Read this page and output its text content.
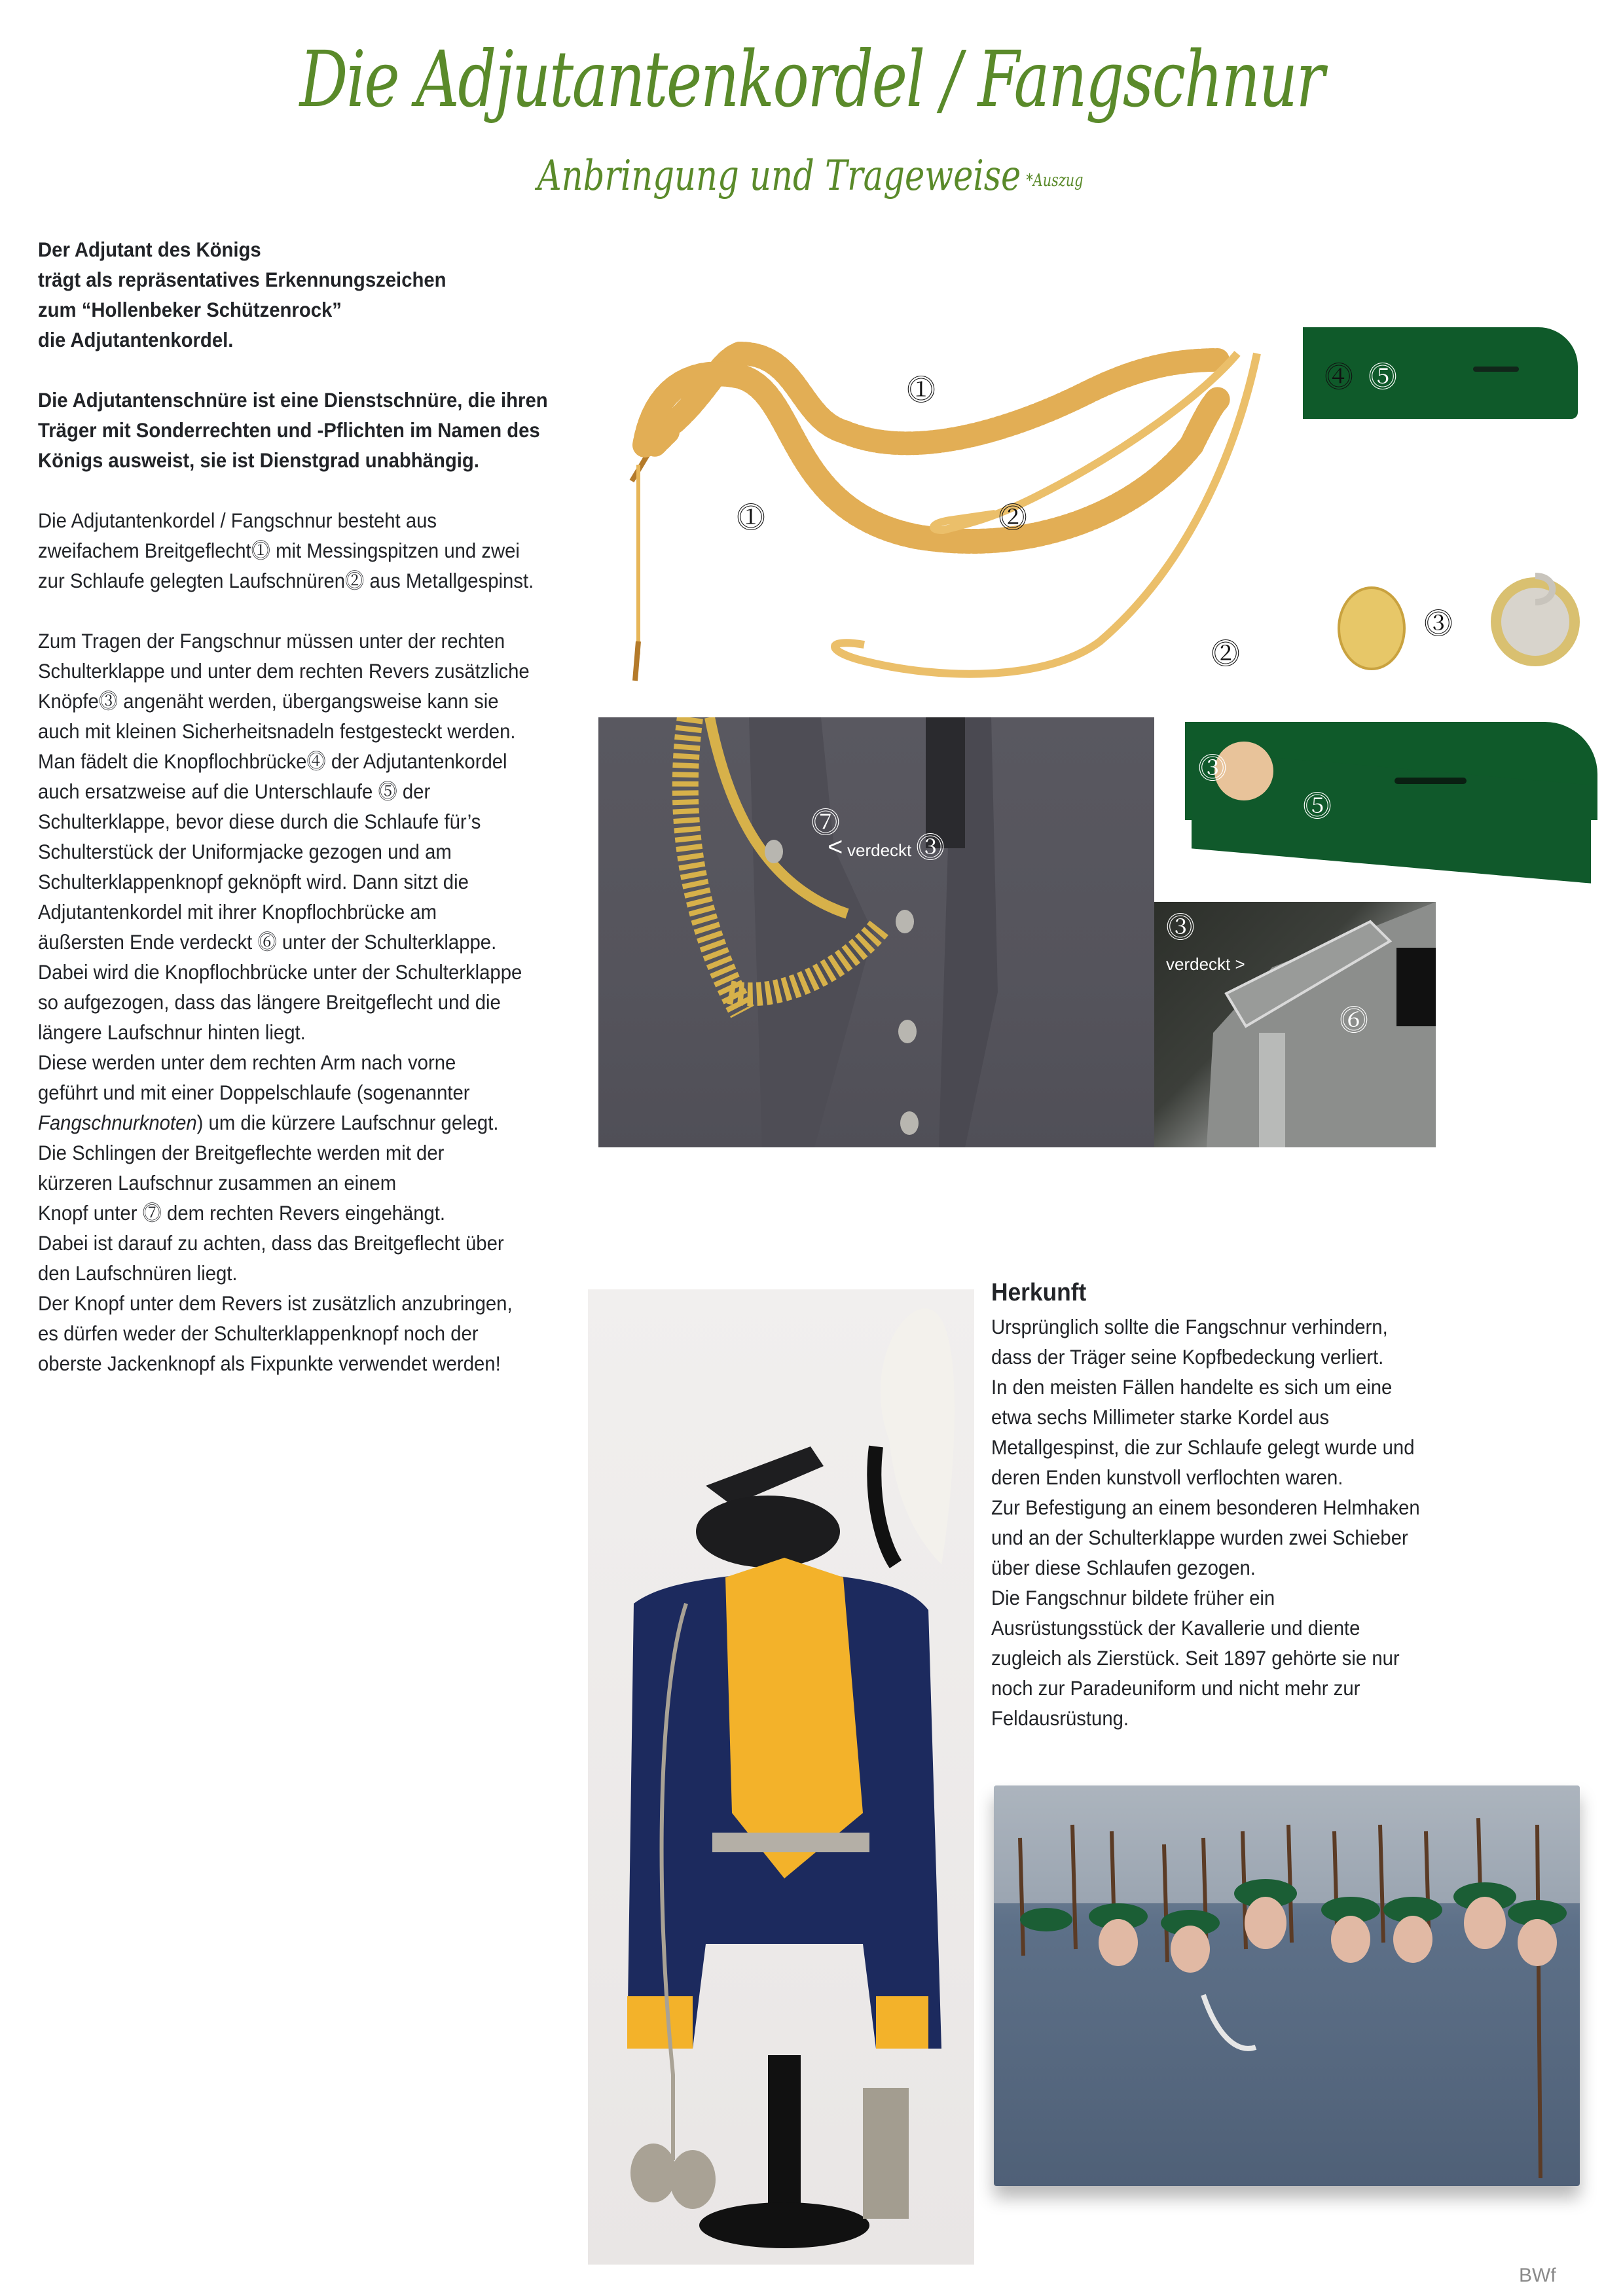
Die Adjutantenkordel / Fangschnur
Anbringung und Trageweise *Auszug

Der Adjutant des Königs
trägt als repräsentatives Erkennungszeichen
zum “Hollenbeker Schützenrock”
die Adjutantenkordel.

Die Adjutantenschnüre ist eine Dienstschnüre, die ihren
Träger mit Sonderrechten und -Pflichten im Namen des
Königs ausweist, sie ist Dienstgrad unabhängig.

Die Adjutantenkordel / Fangschnur besteht aus
zweifachem Breitgeflecht⓵ mit Messingspitzen und zwei
zur Schlaufe gelegten Laufschnüren⓶ aus Metallgespinst.

Zum Tragen der Fangschnur müssen unter der rechten
Schulterklappe und unter dem rechten Revers zusätzliche
Knöpfe⓷ angenäht werden, übergangsweise kann sie
auch mit kleinen Sicherheitsnadeln festgesteckt werden.
Man fädelt die Knopflochbrücke⓸ der Adjutantenkordel
auch ersatzweise auf die Unterschlaufe ⓹ der
Schulterklappe, bevor diese durch die Schlaufe für’s
Schulterstück der Uniformjacke gezogen und am
Schulterklappenknopf geknöpft wird. Dann sitzt die
Adjutantenkordel mit ihrer Knopflochbrücke am
äußersten Ende verdeckt ⓺ unter der Schulterklappe.
Dabei wird die Knopflochbrücke unter der Schulterklappe
so aufgezogen, dass das längere Breitgeflecht und die
längere Laufschnur hinten liegt.
Diese werden unter dem rechten Arm nach vorne
geführt und mit einer Doppelschlaufe (sogenannter
Fangschnurknoten) um die kürzere Laufschnur gelegt.
Die Schlingen der Breitgeflechte werden mit der
kürzeren Laufschnur zusammen an einem
Knopf unter ⓻ dem rechten Revers eingehängt.
Dabei ist darauf zu achten, dass das Breitgeflecht über
den Laufschnüren liegt.
Der Knopf unter dem Revers ist zusätzlich anzubringen,
es dürfen weder der Schulterklappenknopf noch der
oberste Jackenknopf als Fixpunkte verwendet werden!

⓵
⓵	⓶
⓶
⓷
⓸ ⓹
⓻
< verdeckt ⓷
⓷
⓹
⓷
verdeckt >
⓺
Herkunft
Ursprünglich sollte die Fangschnur verhindern,
dass der Träger seine Kopfbedeckung verliert.
In den meisten Fällen handelte es sich um eine
etwa sechs Millimeter starke Kordel aus
Metallgespinst, die zur Schlaufe gelegt wurde und
deren Enden kunstvoll verflochten waren.
Zur Befestigung an einem besonderen Helmhaken
und an der Schulterklappe wurden zwei Schieber
über diese Schlaufen gezogen.
Die Fangschnur bildete früher ein
Ausrüstungsstück der Kavallerie und diente
zugleich als Zierstück. Seit 1897 gehörte sie nur
noch zur Paradeuniform und nicht mehr zur
Feldausrüstung.
BWf
